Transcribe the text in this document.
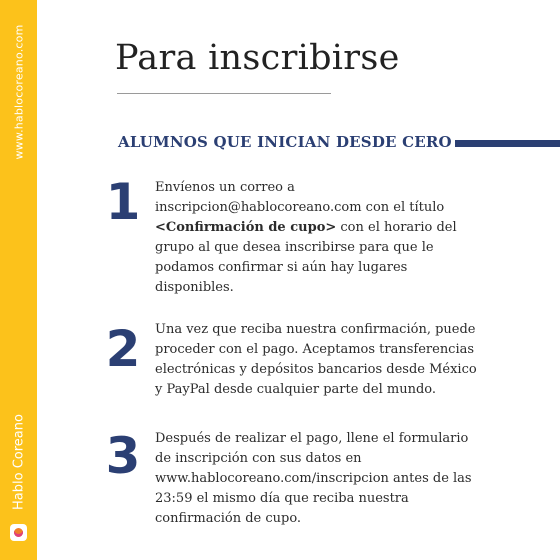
www.hablocoreano.com
Hablo Coreano
Para inscribirse
ALUMNOS QUE INICIAN DESDE CERO
1 Envíenos un correo a inscripcion@hablocoreano.com con el título <Confirmación de cupo> con el horario del grupo al que desea inscribirse para que le podamos confirmar si aún hay lugares disponibles.

2 Una vez que reciba nuestra confirmación, puede proceder con el pago. Aceptamos transferencias electrónicas y depósitos bancarios desde México y PayPal desde cualquier parte del mundo.

3 Después de realizar el pago, llene el formulario de inscripción con sus datos en www.hablocoreano.com/inscripcion antes de las 23:59 el mismo día que reciba nuestra confirmación de cupo.
